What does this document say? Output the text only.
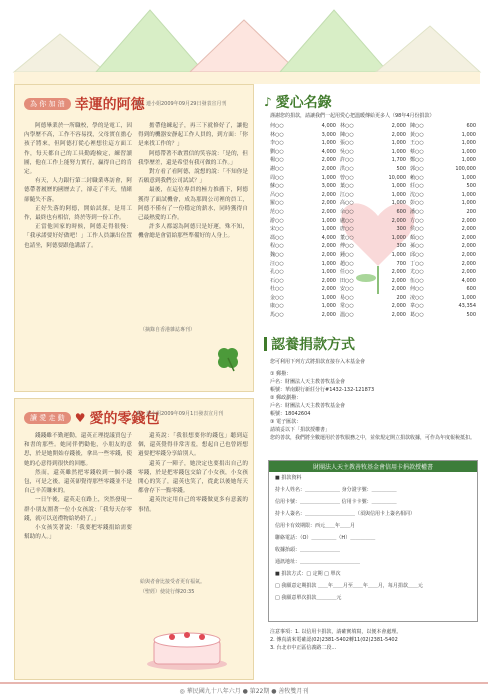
為 你 加 油 幸運的阿德
寫：連小姐2009年09月29日發表宣月刊

阿德畢業於一所職校，學的是電工，因內學歷不高，工作不容易找，父母實在擔心孩子將來，但阿德打從心裡想往這方面工作，每天都自己的工具勤跑檢定，練習讀圖，他在工作上能努力實行，贏得自己的肯定。

有天，人力銀行第二封職業專訪會，阿德帶著履歷的國歷去了，卻走了半天，情緒卻隨失不落。

正好失落的阿德，開始試探，是用工作，最終也有相信，終於等到一份工作。

正當他回家的時候，阿德走得很慢：「我承諾要好好做吧！」工作人員讓出位置也請坐，阿德要跟他講話了。

擔帶他練起子，再三下就修好了，讓他得到的機器安靜起工作人員的，到方面：「你是來找工作的？」

阿德帶著不敢置信的笑容說：「是的，但我學歷差，還是希望有我可做的工作。」

對方看了看阿德，說想的說：「不知你是否願意到我們公司試試？」

最後，在這位專員的極力推薦下，阿德獲得了面試機會，成為那間公司裡的員工，阿德不僅有了一份穩定的薪水，同時獲得自己最熱愛的工作。

許多人都認為阿德只是好運，殊不知，機會總是會留給那些準備好的人身上。

（摘錄自香港雜誌專刊）
讀 愛 走 動 ♥ 愛的零錢包
寫：連小姐2009年09月1日發表宣月刊

錢錢雖不勤運動，還英正理提議買包子和書的那些。她同伴們勸他，小朋友的意思，於是她開始存錢後，拿出一些零錢，使她的心意得到很快的回應。

然而，還英雖然把零錢收到一個小錢包，可是之後，還英卻覺得那些零錢並不是自己辛苦賺來的。

一日午後，還英走在路上，突然發現一群小朋友圍著一位小女孩說：「我每天存零錢，就可以送禮物給奶奶了。」

小女孩笑著說：「我要把零錢捐給需要幫助的人。」

還英說：「我很想要你的錢包」聽到這個，還英覺得非常害羞，想起自己也曾經想過要把零錢分享給別人。

還英了一陣子，她決定也要捐出自己的零錢，於是把零錢包交給了小女孩，小女孩開心的笑了，還英也笑了，從此以後她每天都會存下一點零錢。

還英決定用自己的零錢做更多有意義的事情。

給與者會比接受者更有福氣。
（聖經）使徒行傳20:35
♪ 愛心名錄
謹謝您的捐款，請讓我們一起用愛心把溫暖傳給更多人（98年4月份捐款）
何○○	4,000 林○○	2,000 陳○○	600
林○○	3,000 陳○○	2,000 黃○○	1,000
李○○	1,000 張○○	1,000 王○○	1,000
劉○○	4,000 吳○○	1,000 蔡○○	1,000
楊○○	2,000 許○○	1,700 鄭○○	1,000
謝○○	2,000 洪○○	500 郭○○	100,000
周○○	1,000 曾○○	10,000 賴○○	1,000
蘇○○	3,000 葉○○	1,000 莊○○	500
呂○○	2,000 江○○	1,000 沈○○	1,000
羅○○	2,000 高○○	1,000 彭○○	1,000
范○○	2,000 余○○	600 潘○○	200
游○○	1,000 盧○○	2,000 方○○	2,000
宋○○	1,000 唐○○	300 侯○○	2,000
馮○○	4,000 董○○	1,000 顏○○	2,000
程○○	2,000 傅○○	300 孫○○	2,000
魏○○	2,000 鍾○○	1,000 邱○○	2,000
汪○○	1,000 趙○○	700 丁○○	2,000
孔○○	1,000 任○○	2,000 尤○○	2,000
石○○	2,000 田○○	2,000 伍○○	4,000
杜○○	2,000 安○○	2,000 何○○	600
金○○	1,000 易○○	200 凌○○	1,000
康○○	1,000 常○○	2,000 韋○○	43,354
馬○○	2,000 溫○○	2,000 葛○○	500
認養捐款方式
您可利用下列方式將捐款直接存入本基金會
① 郵撥：
戶名：財團法人天主教善牧基金會
帳號：華南銀行新莊分行#1432-132-121873
② 郵政劃撥：
戶名：財團法人天主教善牧基金會
帳號：18042604
③ 電子匯款：
請填妥以下「捐款授權書」
您的善款，我們將全數運用於善牧服務之中，並依規定開立捐款收據，可作為年度報稅抵扣。
財團法人天主教善牧基金會信用卡捐款授權書
■ 捐款資料
持卡人姓名：＿＿＿＿＿＿＿ 身分證字號：＿＿＿＿＿
信用卡號：＿＿＿＿＿＿＿＿ 信用卡卡號：＿＿＿＿＿
持卡人簽名：＿＿＿＿＿＿＿＿＿＿（須與信用卡上簽名相同）
信用卡有效期限：西元＿＿年＿＿月
聯絡電話：（O）＿＿＿＿＿（H）＿＿＿＿＿
收據抬頭：＿＿＿＿＿＿＿＿
通訊地址：＿＿＿＿＿＿＿＿＿＿＿＿
■ 捐款方式：□ 定期 □ 單次
□ 我願意定期捐款 ＿＿年＿＿月至＿＿年＿＿月，每月捐款＿＿元
□ 我願意單次捐款＿＿＿＿元
注意事項：1. 以信用卡捐款，請確實填寫，以便本會處理。
2. 傳真請來電確認(02)2381-5402轉11(02)2381-5402
3. 台北市中正區信義路二段...
◎ 華民國九十八年六月 ● 第22期 ● 善牧雙月刊
